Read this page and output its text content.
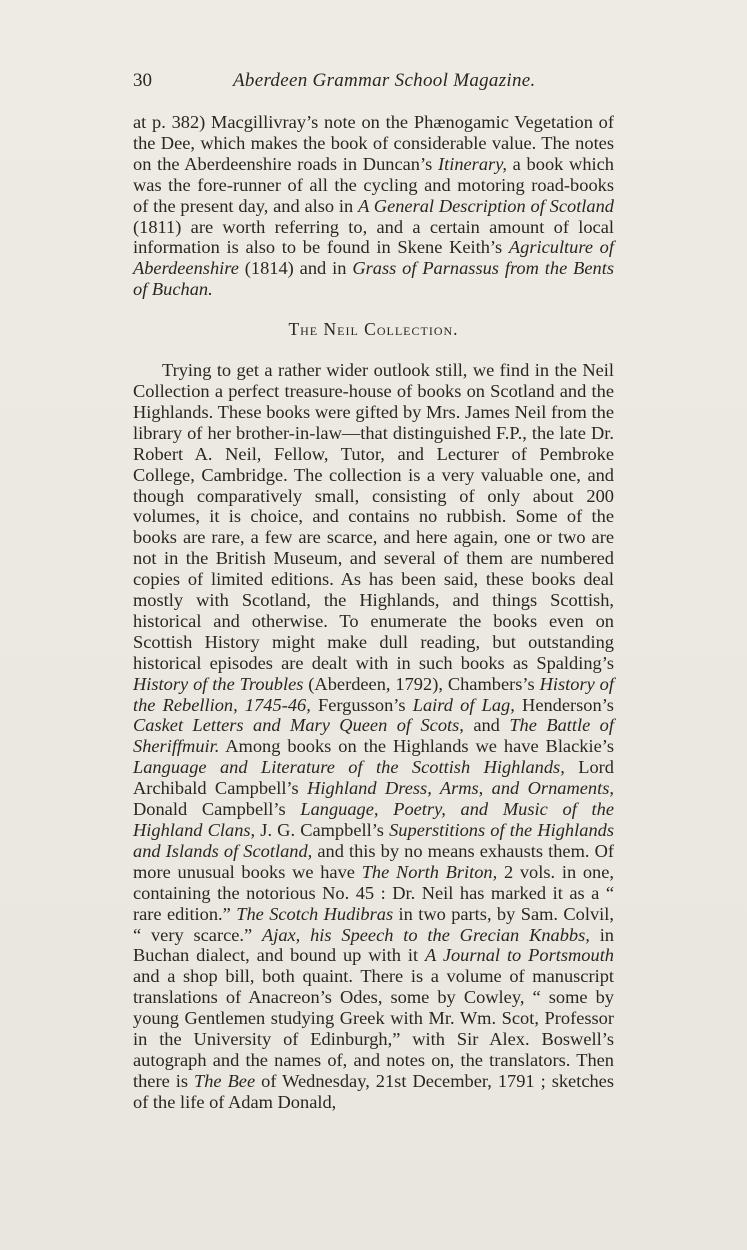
30	Aberdeen Grammar School Magazine.

at p. 382) Macgillivray’s note on the Phænogamic Vegetation of the Dee, which makes the book of considerable value. The notes on the Aberdeenshire roads in Duncan’s Itinerary, a book which was the fore-runner of all the cycling and motoring road-books of the present day, and also in A General Description of Scotland (1811) are worth referring to, and a certain amount of local information is also to be found in Skene Keith’s Agriculture of Aberdeenshire (1814) and in Grass of Parnassus from the Bents of Buchan.

The Neil Collection.

Trying to get a rather wider outlook still, we find in the Neil Collection a perfect treasure-house of books on Scotland and the Highlands. These books were gifted by Mrs. James Neil from the library of her brother-in-law—that distinguished F.P., the late Dr. Robert A. Neil, Fellow, Tutor, and Lecturer of Pembroke College, Cambridge. The collection is a very valuable one, and though comparatively small, consisting of only about 200 volumes, it is choice, and contains no rubbish. Some of the books are rare, a few are scarce, and here again, one or two are not in the British Museum, and several of them are numbered copies of limited editions. As has been said, these books deal mostly with Scotland, the Highlands, and things Scottish, historical and otherwise. To enumerate the books even on Scottish History might make dull reading, but outstanding historical episodes are dealt with in such books as Spalding’s History of the Troubles (Aberdeen, 1792), Chambers’s History of the Rebellion, 1745-46, Fergusson’s Laird of Lag, Henderson’s Casket Letters and Mary Queen of Scots, and The Battle of Sheriffmuir. Among books on the Highlands we have Blackie’s Language and Literature of the Scottish Highlands, Lord Archibald Campbell’s Highland Dress, Arms, and Ornaments, Donald Campbell’s Language, Poetry, and Music of the Highland Clans, J. G. Campbell’s Superstitions of the Highlands and Islands of Scotland, and this by no means exhausts them. Of more unusual books we have The North Briton, 2 vols. in one, containing the notorious No. 45 : Dr. Neil has marked it as a “ rare edition.” The Scotch Hudibras in two parts, by Sam. Colvil, “ very scarce.” Ajax, his Speech to the Grecian Knabbs, in Buchan dialect, and bound up with it A Journal to Portsmouth and a shop bill, both quaint. There is a volume of manuscript translations of Anacreon’s Odes, some by Cowley, “ some by young Gentlemen studying Greek with Mr. Wm. Scot, Professor in the University of Edinburgh,” with Sir Alex. Boswell’s autograph and the names of, and notes on, the translators. Then there is The Bee of Wednesday, 21st December, 1791 ; sketches of the life of Adam Donald,
